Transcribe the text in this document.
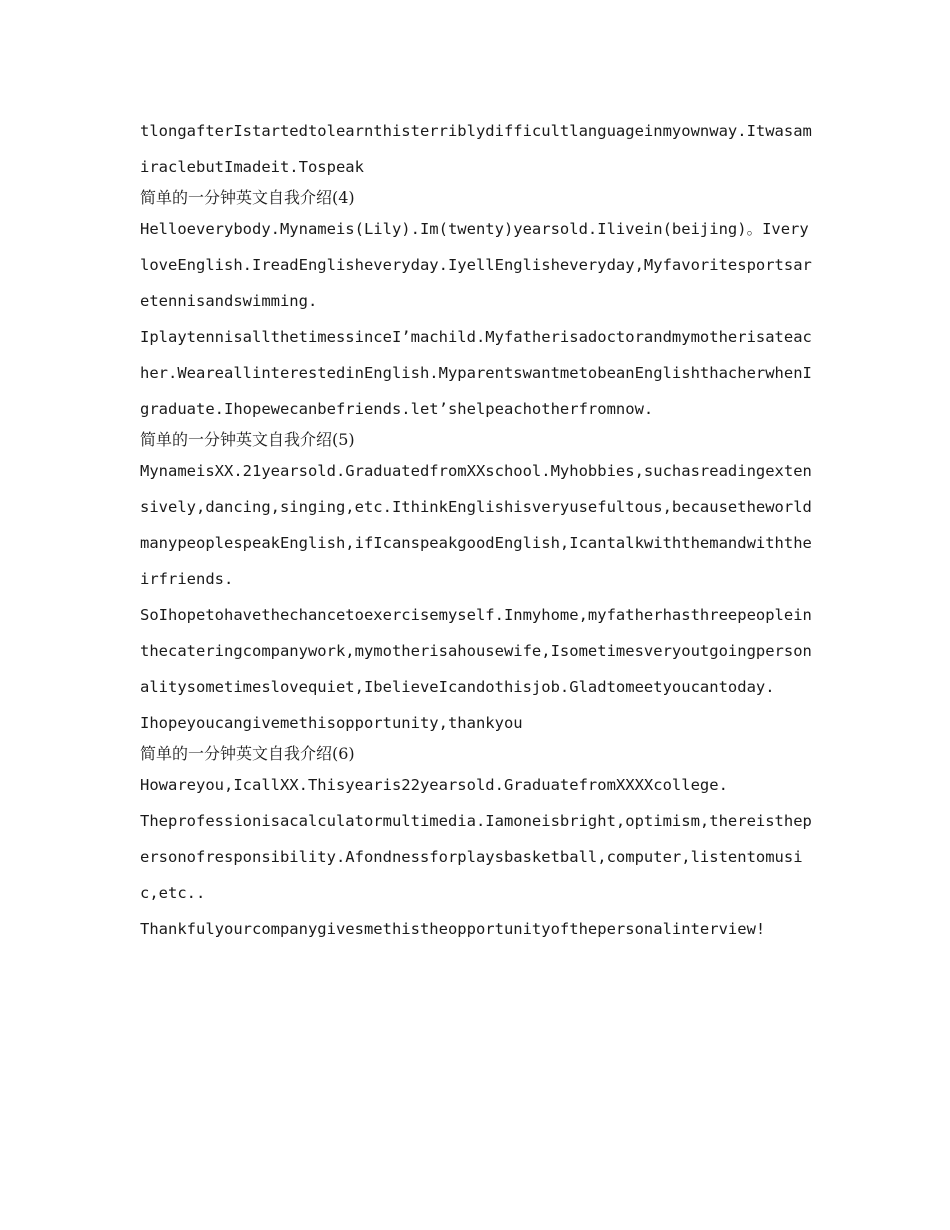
tlongafterIstartedtolearnthisterriblydifficultlanguageinmyownway.ItwasamiraclebutImadeit.Tospeak

简单的一分钟英文自我介绍(4)

Helloeverybody.Mynameis(Lily).Im(twenty)yearsold.Ilivein(beijing)。IveryloveEnglish.IreadEnglisheveryday.IyellEnglisheveryday,Myfavoritesportsaretennisandswimming.

IplaytennisallthetimessinceI’machild.Myfatherisadoctorandmymotherisateacher.WeareallinterestedinEnglish.MyparentswantmetobeanEnglishthacherwhenIgraduate.Ihopewecanbefriends.let’shelpeachotherfromnow.

简单的一分钟英文自我介绍(5)

MynameisXX.21yearsold.GraduatedfromXXschool.Myhobbies,suchasreadingextensively,dancing,singing,etc.IthinkEnglishisveryusefultous,becausetheworldmanypeoplespeakEnglish,ifIcanspeakgoodEnglish,Icantalkwiththemandwiththeirfriends.

SoIhopetohavethechancetoexercisemyself.Inmyhome,myfatherhasthreepeopleinthecateringcompanywork,mymotherisahousewife,Isometimesveryoutgoingpersonalitysometimeslovequiet,IbelieveIcandothisjob.Gladtomeetyoucantoday.

Ihopeyoucangivemethisopportunity,thankyou

简单的一分钟英文自我介绍(6)

Howareyou,IcallXX.Thisyearis22yearsold.GraduatefromXXXXcollege.

Theprofessionisacalculatormultimedia.Iamoneisbright,optimism,thereisthepersonofresponsibility.Afondnessforplaysbasketball,computer,listentomusic,etc..

Thankfulyourcompanygivesmethistheopportunityofthepersonalinterview!
